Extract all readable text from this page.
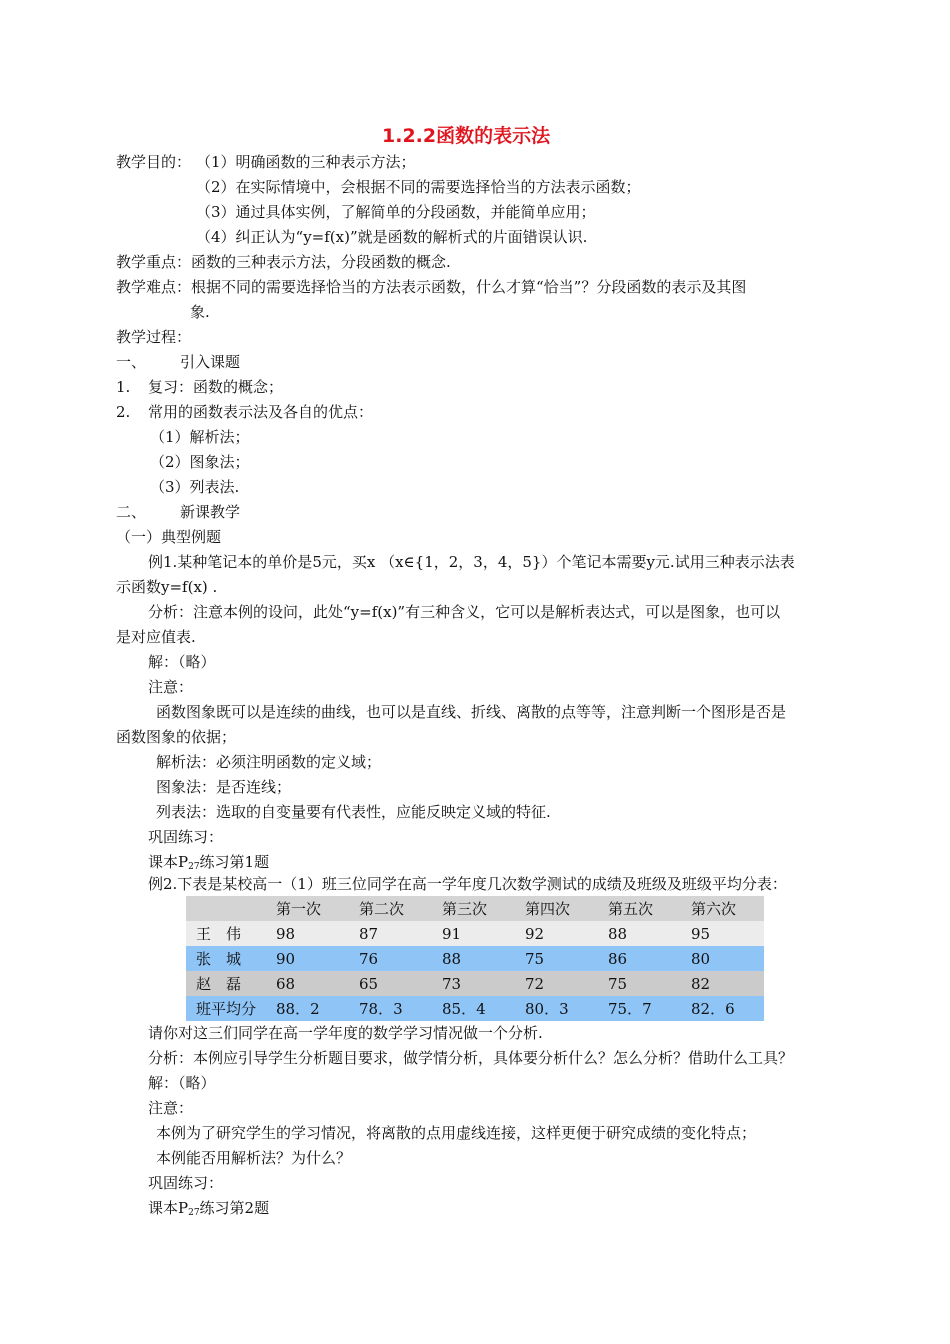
1.2.2函数的表示法
教学目的： （1）明确函数的三种表示方法；
（2）在实际情境中，会根据不同的需要选择恰当的方法表示函数；
（3）通过具体实例，了解简单的分段函数，并能简单应用；
（4）纠正认为“y=f(x)”就是函数的解析式的片面错误认识.
教学重点：函数的三种表示方法，分段函数的概念.
教学难点：根据不同的需要选择恰当的方法表示函数，什么才算“恰当”？分段函数的表示及其图
象.
教学过程：
一、 引入课题
1. 复习：函数的概念；
2. 常用的函数表示法及各自的优点：
（1）解析法；
（2）图象法；
（3）列表法.
二、 新课教学
（一）典型例题
例1.某种笔记本的单价是5元，买x （x∈{1，2，3，4，5}）个笔记本需要y元.试用三种表示法表
示函数y=f(x) .
分析：注意本例的设问，此处“y=f(x)”有三种含义，它可以是解析表达式，可以是图象，也可以
是对应值表.
解：（略）
注意：
函数图象既可以是连续的曲线，也可以是直线、折线、离散的点等等，注意判断一个图形是否是
函数图象的依据；
解析法：必须注明函数的定义域；
图象法：是否连线；
列表法：选取的自变量要有代表性，应能反映定义域的特征.
巩固练习：
课本$P_{27}$练习第1题
例2.下表是某校高一（1）班三位同学在高一学年度几次数学测试的成绩及班级及班级平均分表：
	第一次	第二次	第三次	第四次	第五次	第六次
王　伟	98	87	91	92	88	95
张　城	90	76	88	75	86	80
赵　磊	68	65	73	72	75	82
班平均分	88．2	78．3	85．4	80．3	75．7	82．6
请你对这三们同学在高一学年度的数学学习情况做一个分析.
分析：本例应引导学生分析题目要求，做学情分析，具体要分析什么？怎么分析？借助什么工具？
解：（略）
注意：
本例为了研究学生的学习情况，将离散的点用虚线连接，这样更便于研究成绩的变化特点；
本例能否用解析法？为什么？
巩固练习：
课本$P_{27}$练习第2题
